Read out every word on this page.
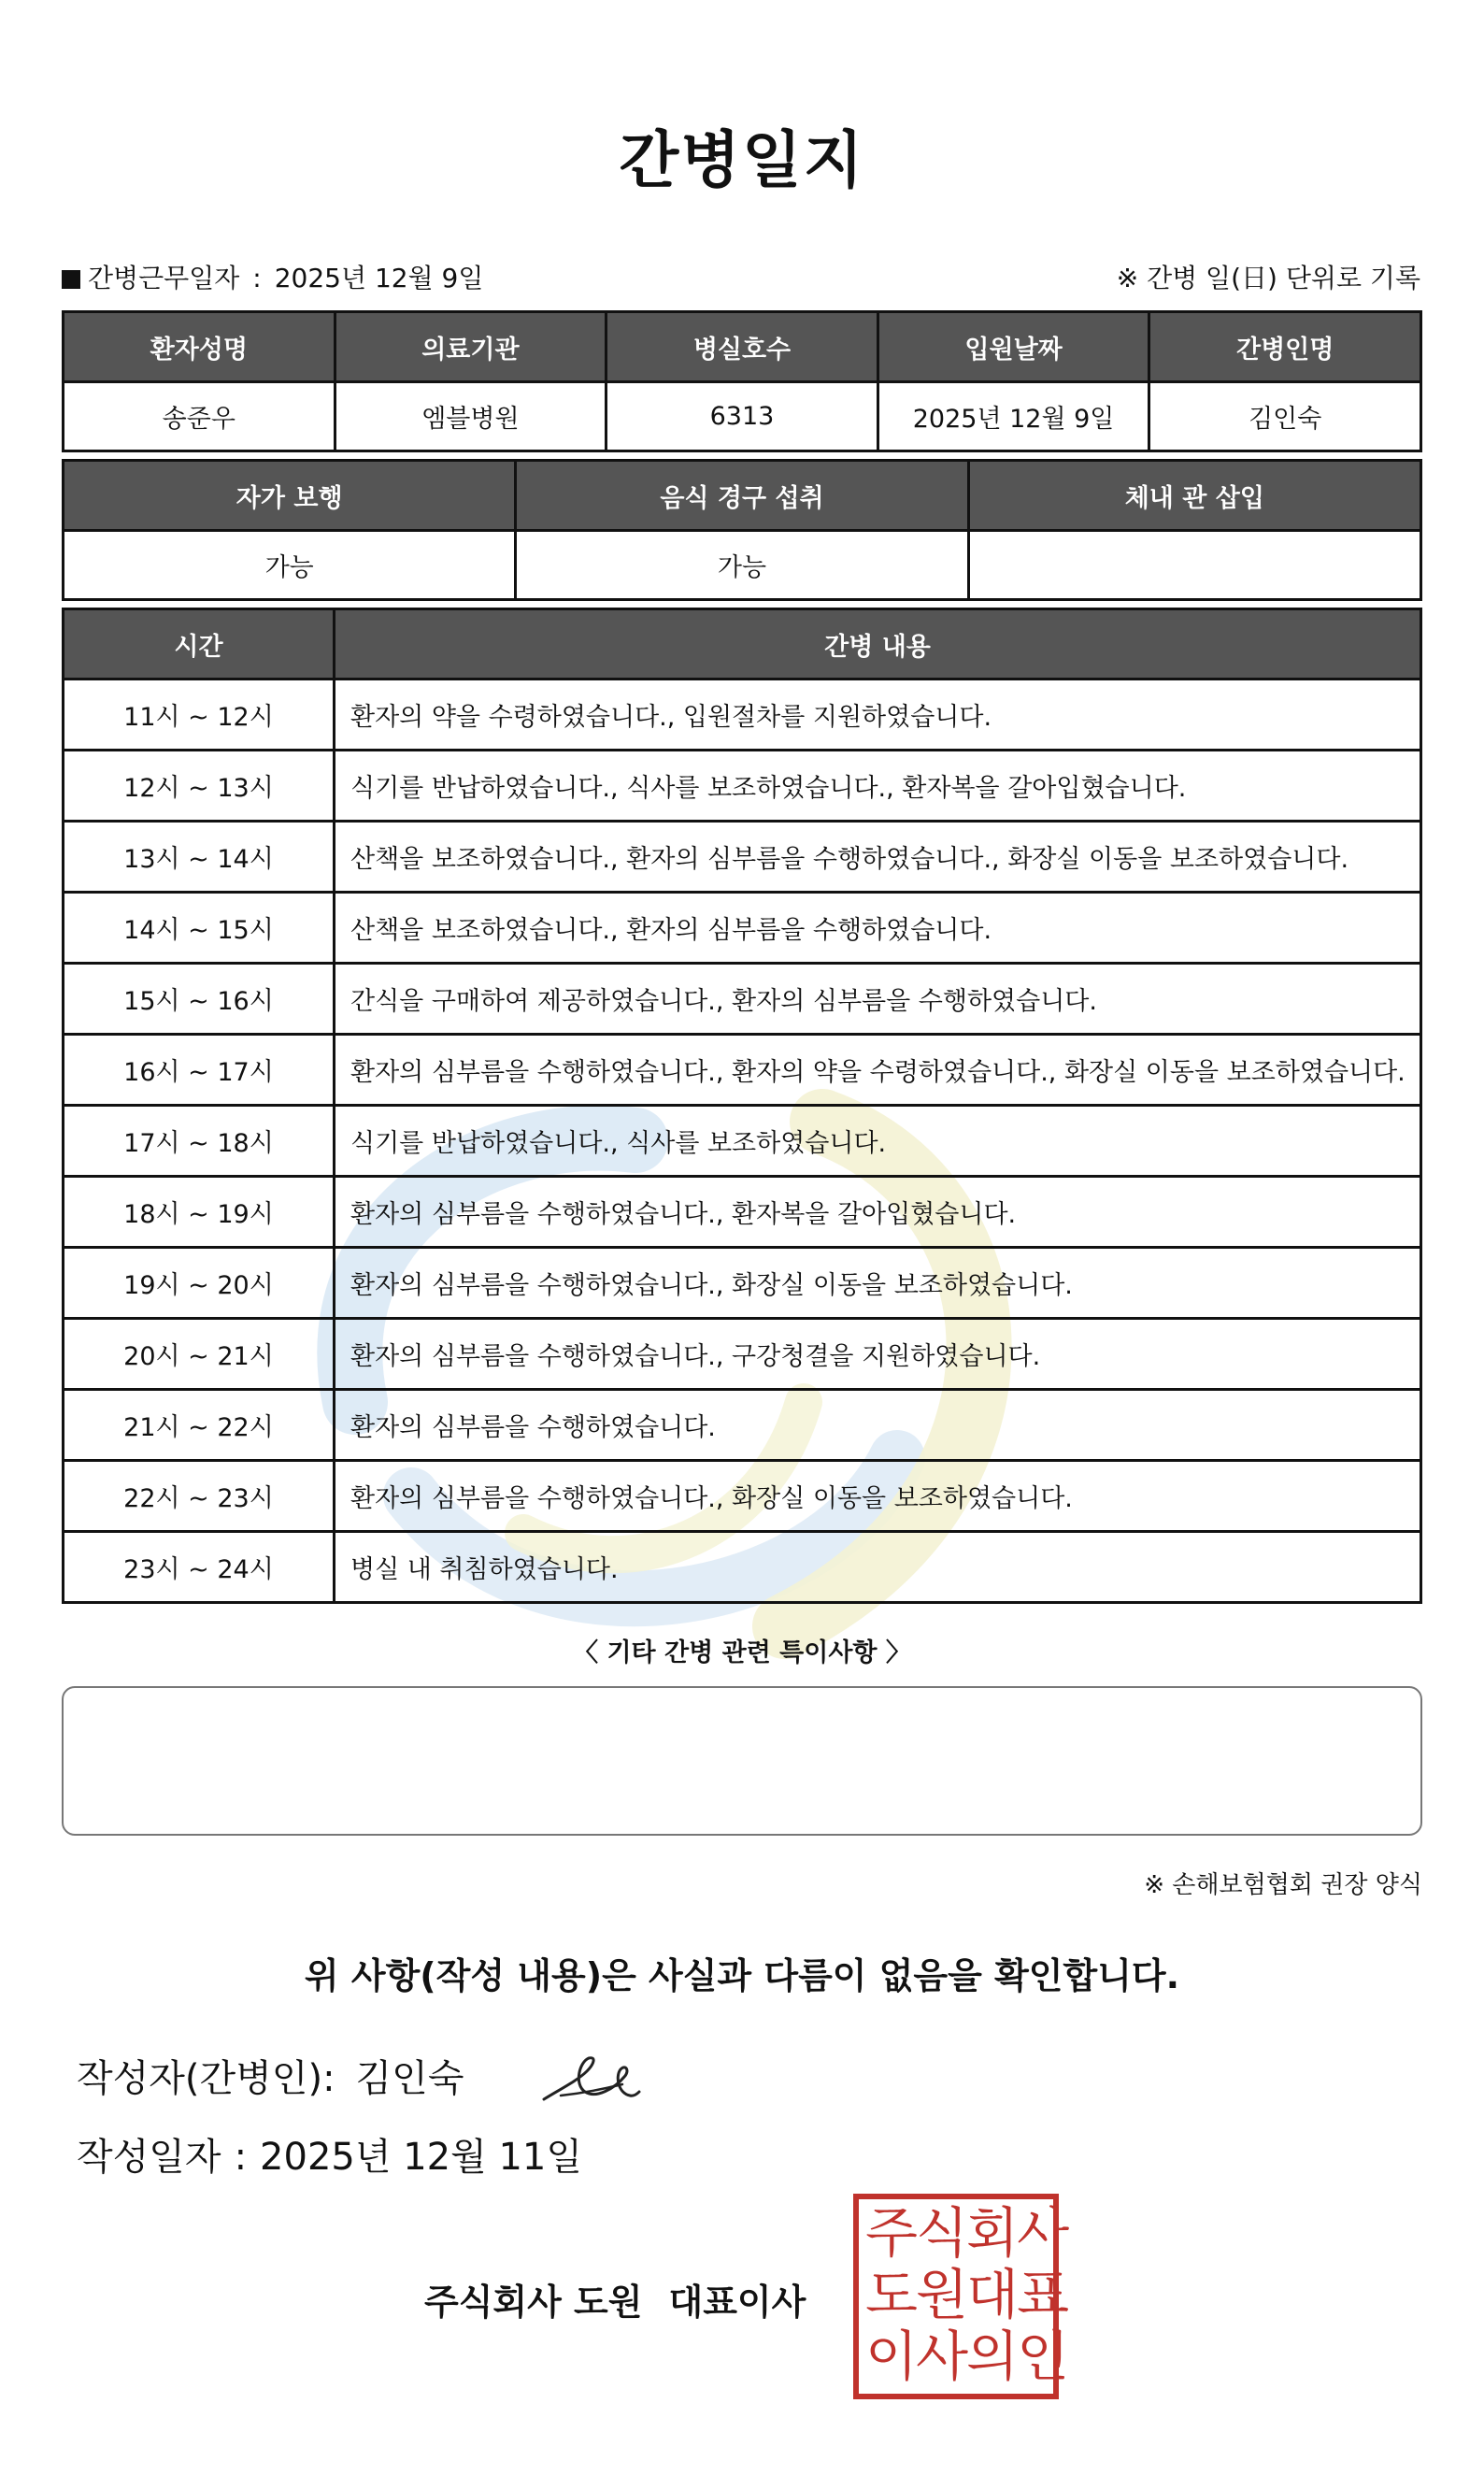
간병일지
간병근무일자 : 2025년 12월 9일	※ 간병 일(日) 단위로 기록
환자성명	의료기관	병실호수	입원날짜	간병인명
송준우	엠블병원	6313	2025년 12월 9일	김인숙
자가 보행	음식 경구 섭취	체내 관 삽입
가능	가능	
시간	간병 내용
11시 ~ 12시	환자의 약을 수령하였습니다., 입원절차를 지원하였습니다.
12시 ~ 13시	식기를 반납하였습니다., 식사를 보조하였습니다., 환자복을 갈아입혔습니다.
13시 ~ 14시	산책을 보조하였습니다., 환자의 심부름을 수행하였습니다., 화장실 이동을 보조하였습니다.
14시 ~ 15시	산책을 보조하였습니다., 환자의 심부름을 수행하였습니다.
15시 ~ 16시	간식을 구매하여 제공하였습니다., 환자의 심부름을 수행하였습니다.
16시 ~ 17시	환자의 심부름을 수행하였습니다., 환자의 약을 수령하였습니다., 화장실 이동을 보조하였습니다.
17시 ~ 18시	식기를 반납하였습니다., 식사를 보조하였습니다.
18시 ~ 19시	환자의 심부름을 수행하였습니다., 환자복을 갈아입혔습니다.
19시 ~ 20시	환자의 심부름을 수행하였습니다., 화장실 이동을 보조하였습니다.
20시 ~ 21시	환자의 심부름을 수행하였습니다., 구강청결을 지원하였습니다.
21시 ~ 22시	환자의 심부름을 수행하였습니다.
22시 ~ 23시	환자의 심부름을 수행하였습니다., 화장실 이동을 보조하였습니다.
23시 ~ 24시	병실 내 취침하였습니다.
〈 기타 간병 관련 특이사항 〉
※ 손해보험협회 권장 양식
위 사항(작성 내용)은 사실과 다름이 없음을 확인합니다.
작성자(간병인): 김인숙
작성일자 : 2025년 12월 11일
주식회사 도원 대표이사
주식회사
도원대표
이사의인
